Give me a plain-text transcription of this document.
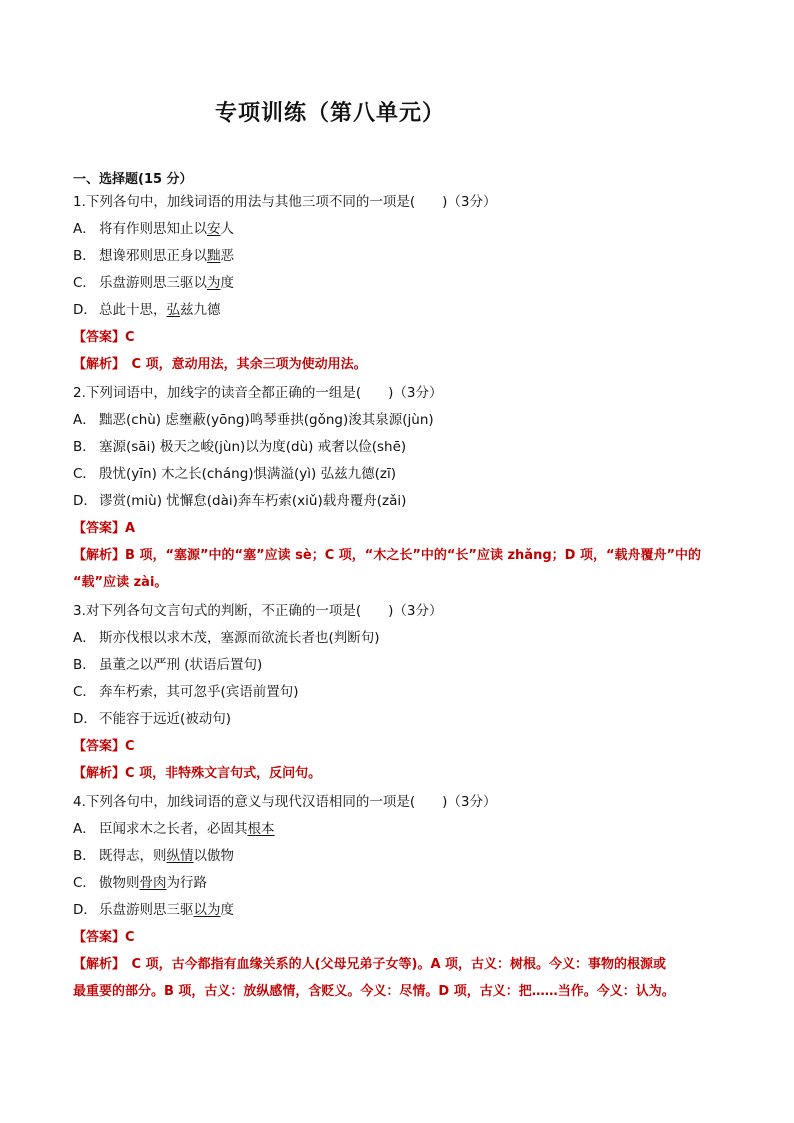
专项训练（第八单元）
一、选择题(15 分）
1.下列各句中，加线词语的用法与其他三项不同的一项是(　　)（3分）
A． 将有作则思知止以安人
B． 想谗邪则思正身以黜恶
C． 乐盘游则思三驱以为度
D． 总此十思，弘兹九德
【答案】C
【解析】　C 项，意动用法，其余三项为使动用法。
2.下列词语中，加线字的读音全都正确的一组是(　　)（3分）
A． 黜恶(chù) 虑壅蔽(yōng)鸣琴垂拱(gǒng)浚其泉源(jùn)
B． 塞源(sāi) 极天之峻(jùn)以为度(dù) 戒奢以俭(shē)
C． 殷忧(yīn) 木之长(cháng)惧满溢(yì) 弘兹九德(zī)
D． 谬赏(miù) 忧懈怠(dài)奔车朽索(xiǔ)载舟覆舟(zǎi)
【答案】A
【解析】B 项，“塞源”中的“塞”应读 sè；C 项，“木之长”中的“长”应读 zhǎng；D 项，“载舟覆舟”中的
“载”应读 zài。
3.对下列各句文言句式的判断，不正确的一项是(　　)（3分）
A． 斯亦伐根以求木茂，塞源而欲流长者也(判断句)
B． 虽董之以严刑 (状语后置句)
C． 奔车朽索，其可忽乎(宾语前置句)
D． 不能容于远近(被动句)
【答案】C
【解析】C 项，非特殊文言句式，反问句。
4.下列各句中，加线词语的意义与现代汉语相同的一项是(　　)（3分）
A． 臣闻求木之长者，必固其根本
B． 既得志，则纵情以傲物
C． 傲物则骨肉为行路
D． 乐盘游则思三驱以为度
【答案】C
【解析】　C 项，古今都指有血缘关系的人(父母兄弟子女等)。A 项，古义：树根。今义：事物的根源或
最重要的部分。B 项，古义：放纵感情，含贬义。今义：尽情。D 项，古义：把……当作。今义：认为。
